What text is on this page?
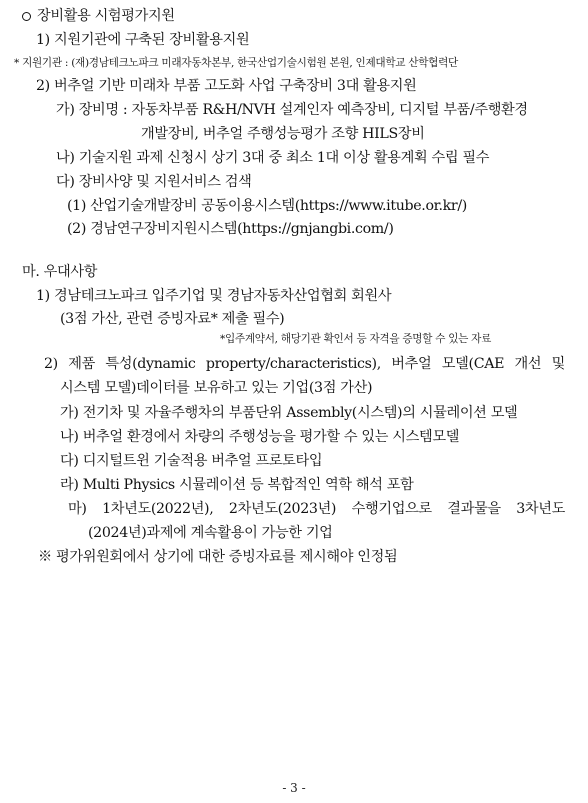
장비활용 시험평가지원
1) 지원기관에 구축된 장비활용지원
* 지원기관 : (재)경남테크노파크 미래자동차본부, 한국산업기술시험원 본원, 인제대학교 산학협력단
2) 버추얼 기반 미래차 부품 고도화 사업 구축장비 3대 활용지원
가) 장비명 : 자동차부품 R&H/NVH 설계인자 예측장비, 디지털 부품/주행환경
개발장비, 버추얼 주행성능평가 조향 HILS장비
나) 기술지원 과제 신청시 상기 3대 중 최소 1대 이상 활용계획 수립 필수
다) 장비사양 및 지원서비스 검색
(1) 산업기술개발장비 공동이용시스템(https://www.itube.or.kr/)
(2) 경남연구장비지원시스템(https://gnjangbi.com/)
마. 우대사항
1) 경남테크노파크 입주기업 및 경남자동차산업협회 회원사
(3점 가산, 관련 증빙자료* 제출 필수)
*입주계약서, 해당기관 확인서 등 자격을 증명할 수 있는 자료
2) 제품 특성(dynamic property/characteristics), 버추얼 모델(CAE 개선 및
시스템 모델)데이터를 보유하고 있는 기업(3점 가산)
가) 전기차 및 자율주행차의 부품단위 Assembly(시스템)의 시뮬레이션 모델
나) 버추얼 환경에서 차량의 주행성능을 평가할 수 있는 시스템모델
다) 디지털트윈 기술적용 버추얼 프로토타입
라) Multi Physics 시뮬레이션 등 복합적인 역학 해석 포함
마) 1차년도(2022년), 2차년도(2023년) 수행기업으로 결과물을 3차년도
(2024년)과제에 계속활용이 가능한 기업
※ 평가위원회에서 상기에 대한 증빙자료를 제시해야 인정됨
- 3 -
